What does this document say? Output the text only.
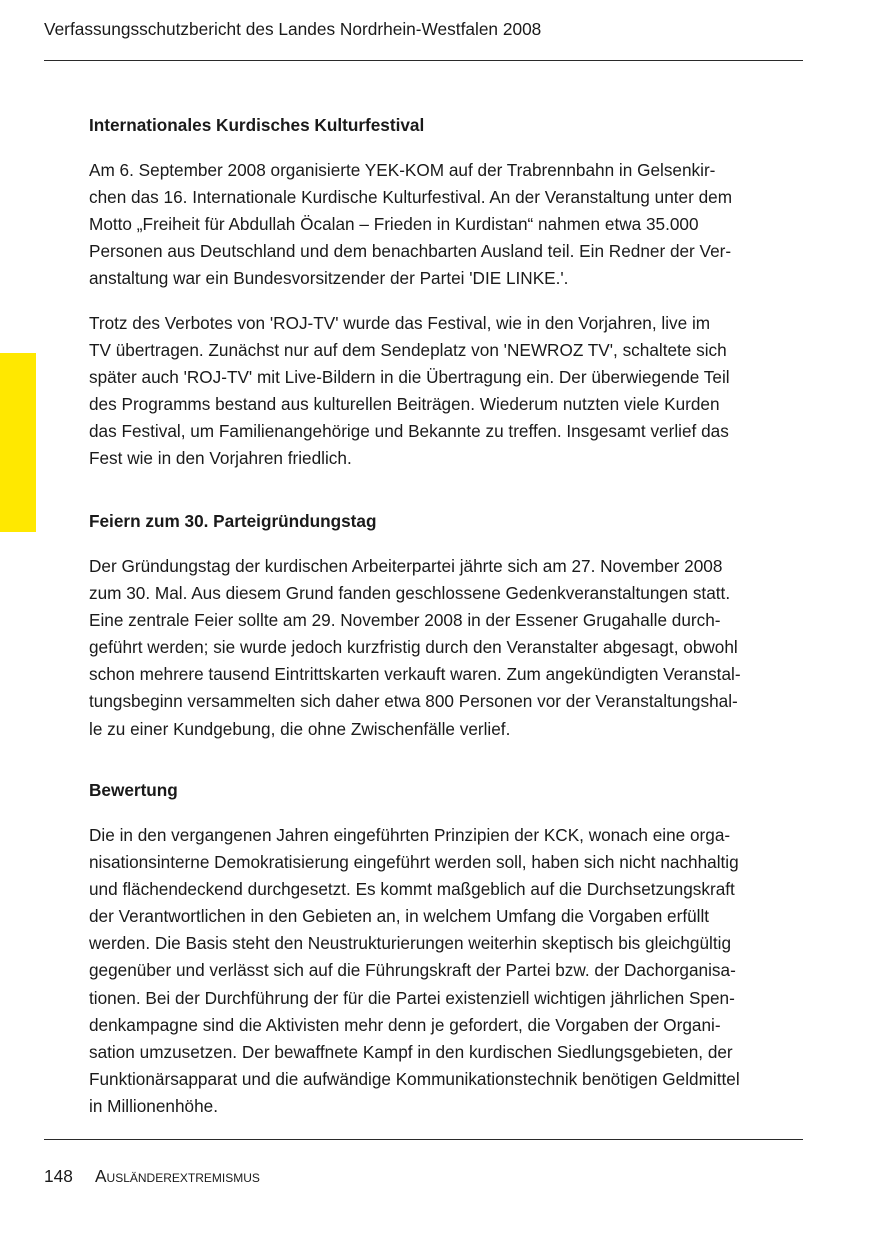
Verfassungsschutzbericht des Landes Nordrhein-Westfalen 2008
Internationales Kurdisches Kulturfestival

Am 6. September 2008 organisierte YEK-KOM auf der Trabrennbahn in Gelsenkir-
chen das 16. Internationale Kurdische Kulturfestival. An der Veranstaltung unter dem
Motto „Freiheit für Abdullah Öcalan – Frieden in Kurdistan“ nahmen etwa 35.000
Personen aus Deutschland und dem benachbarten Ausland teil. Ein Redner der Ver-
anstaltung war ein Bundesvorsitzender der Partei 'DIE LINKE.'.

Trotz des Verbotes von 'ROJ-TV' wurde das Festival, wie in den Vorjahren, live im
TV übertragen. Zunächst nur auf dem Sendeplatz von 'NEWROZ TV', schaltete sich
später auch 'ROJ-TV' mit Live-Bildern in die Übertragung ein. Der überwiegende Teil
des Programms bestand aus kulturellen Beiträgen. Wiederum nutzten viele Kurden
das Festival, um Familienangehörige und Bekannte zu treffen. Insgesamt verlief das
Fest wie in den Vorjahren friedlich.

Feiern zum 30. Parteigründungstag

Der Gründungstag der kurdischen Arbeiterpartei jährte sich am 27. November 2008
zum 30. Mal. Aus diesem Grund fanden geschlossene Gedenkveranstaltungen statt.
Eine zentrale Feier sollte am 29. November 2008 in der Essener Grugahalle durch-
geführt werden; sie wurde jedoch kurzfristig durch den Veranstalter abgesagt, obwohl
schon mehrere tausend Eintrittskarten verkauft waren. Zum angekündigten Veranstal-
tungsbeginn versammelten sich daher etwa 800 Personen vor der Veranstaltungshal-
le zu einer Kundgebung, die ohne Zwischenfälle verlief.

Bewertung

Die in den vergangenen Jahren eingeführten Prinzipien der KCK, wonach eine orga-
nisationsinterne Demokratisierung eingeführt werden soll, haben sich nicht nachhaltig
und flächendeckend durchgesetzt. Es kommt maßgeblich auf die Durchsetzungskraft
der Verantwortlichen in den Gebieten an, in welchem Umfang die Vorgaben erfüllt
werden. Die Basis steht den Neustrukturierungen weiterhin skeptisch bis gleichgültig
gegenüber und verlässt sich auf die Führungskraft der Partei bzw. der Dachorganisa-
tionen. Bei der Durchführung der für die Partei existenziell wichtigen jährlichen Spen-
denkampagne sind die Aktivisten mehr denn je gefordert, die Vorgaben der Organi-
sation umzusetzen. Der bewaffnete Kampf in den kurdischen Siedlungsgebieten, der
Funktionärsapparat und die aufwändige Kommunikationstechnik benötigen Geldmittel
in Millionenhöhe.

148 Ausländerextremismus
